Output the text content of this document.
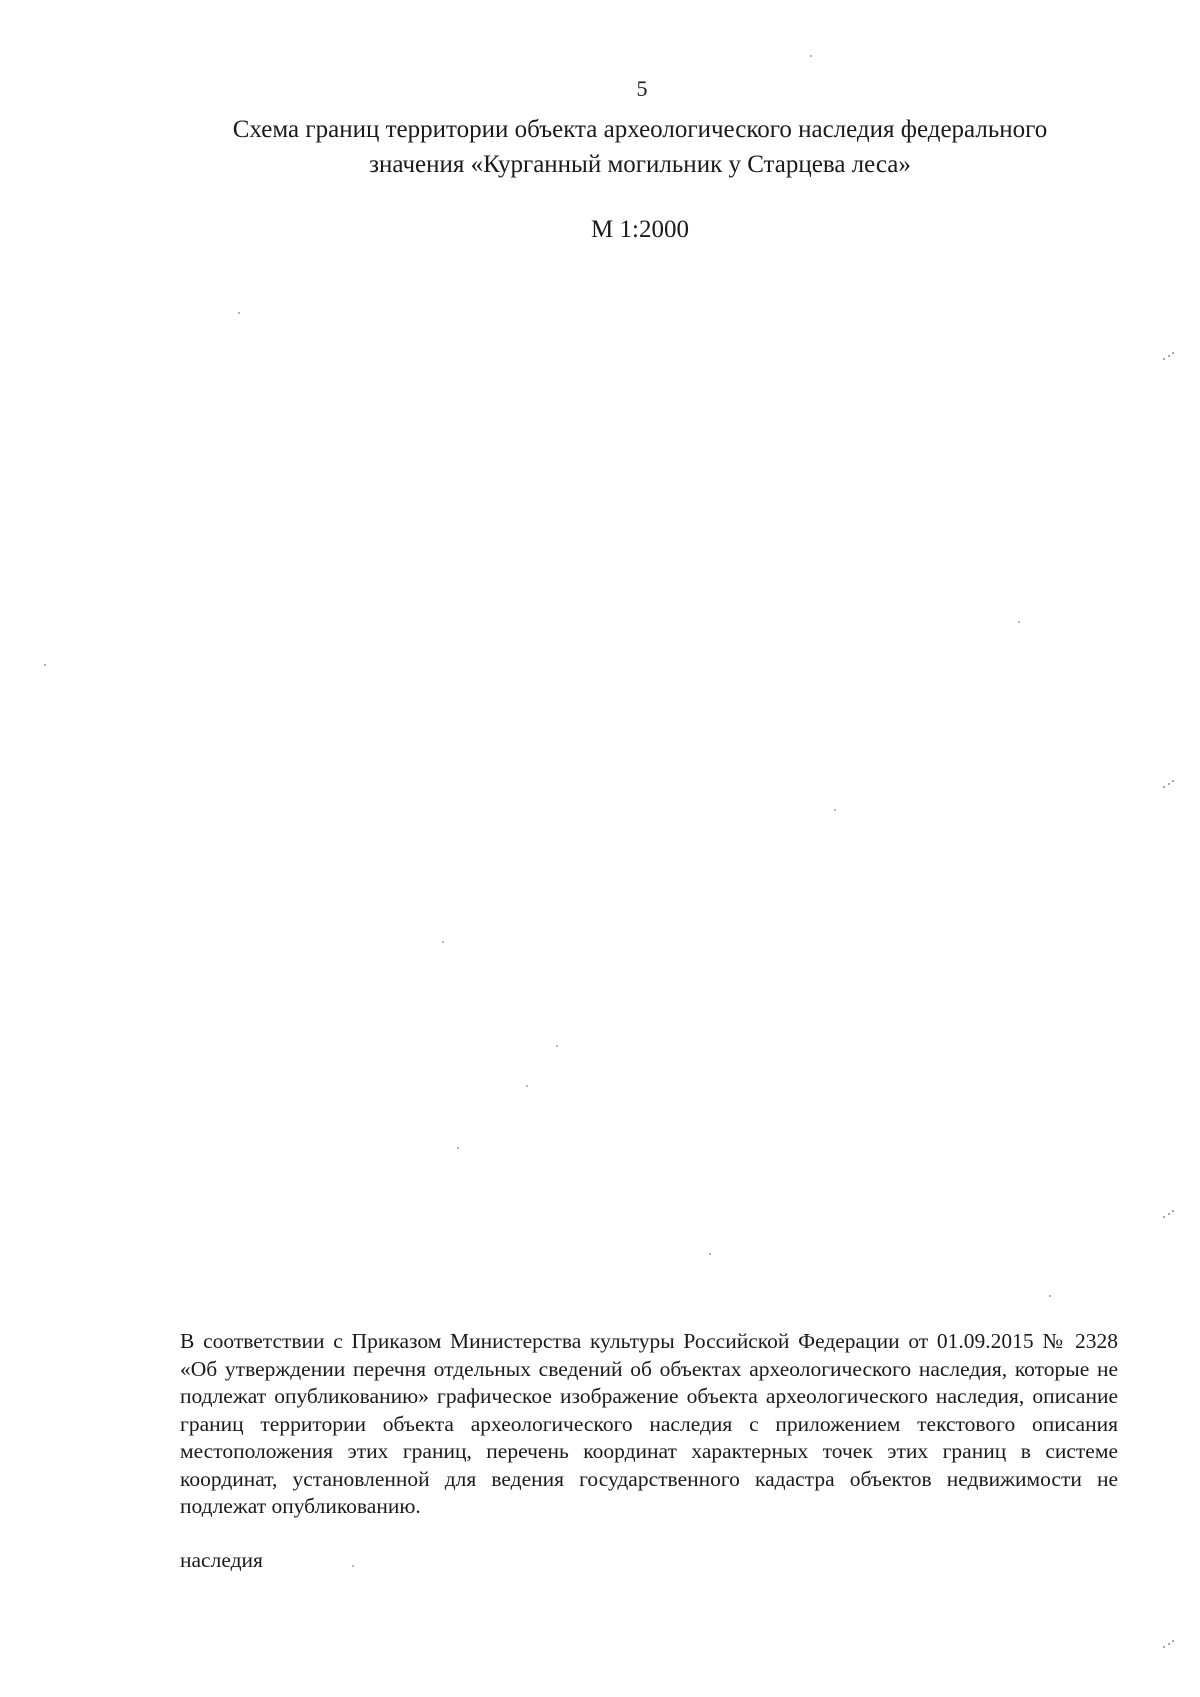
5
Схема границ территории объекта археологического наследия федерального
значения «Курганный могильник у Старцева леса»
М 1:2000
В соответствии с Приказом Министерства культуры Российской Федерации от 01.09.2015 № 2328 «Об утверждении перечня отдельных сведений об объектах археологического наследия, которые не подлежат опубликованию» графическое изображение объекта археологического наследия, описание границ территории объекта археологического наследия с приложением текстового описания местоположения этих границ, перечень координат характерных точек этих границ в системе координат, установленной для ведения государственного кадастра объектов недвижимости не подлежат опубликованию.
наследия
